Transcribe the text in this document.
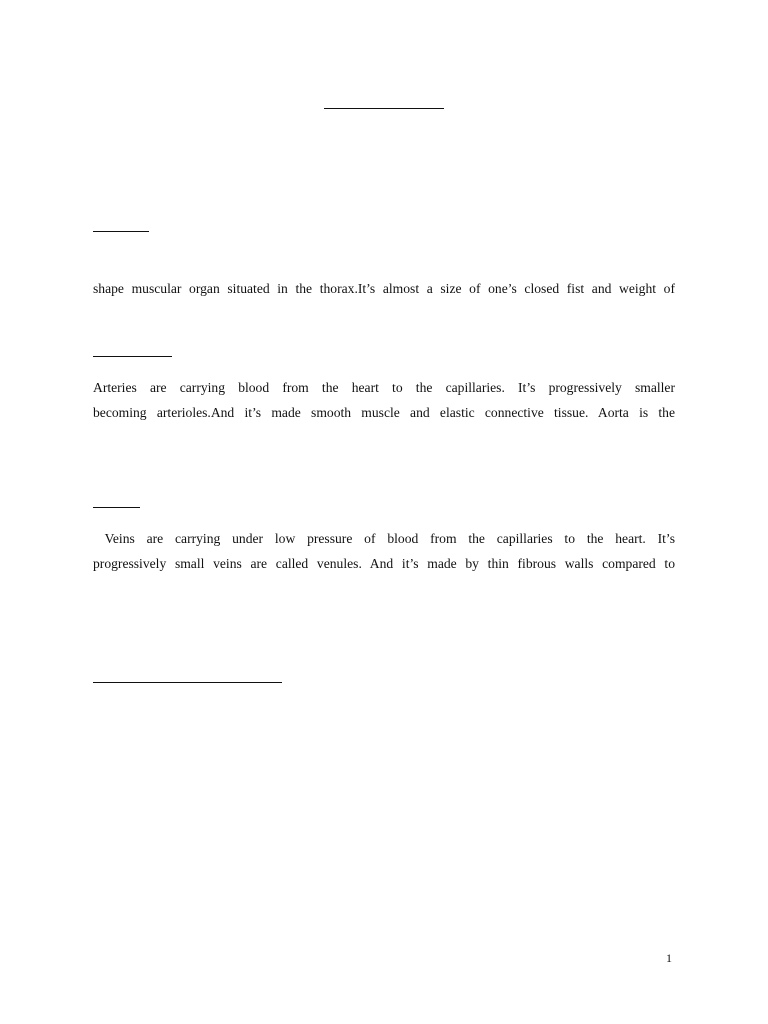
shape muscular organ situated in the thorax.It’s almost a size of one’s closed fist and weight of

Arteries are carrying blood from the heart to the capillaries. It’s progressively smaller
becoming arterioles.And it’s made smooth muscle and elastic connective tissue. Aorta is the

Veins are carrying under low pressure of blood from the capillaries to the heart. It’s
progressively small veins are called venules. And it’s made by thin fibrous walls compared to

1
